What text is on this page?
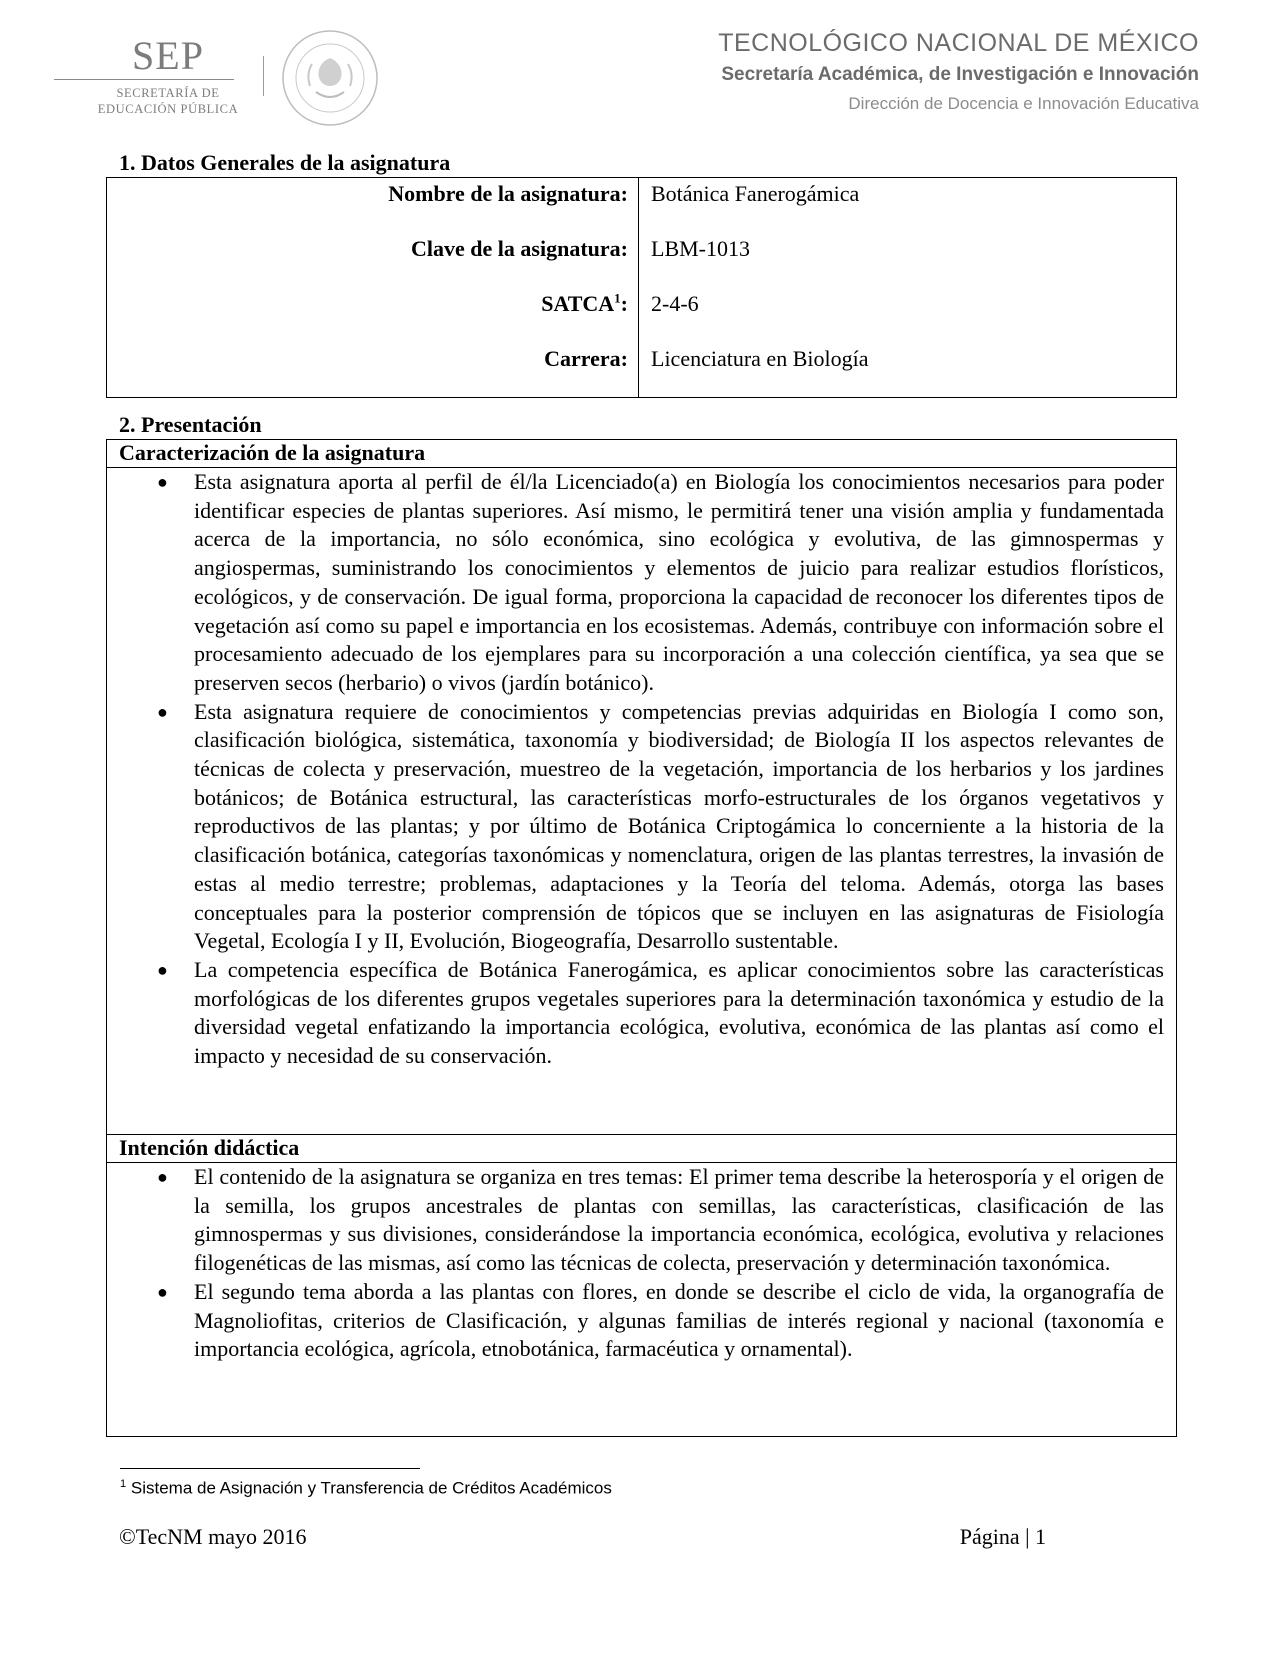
SEP
SECRETARÍA DE
EDUCACIÓN PÚBLICA
TECNOLÓGICO NACIONAL DE MÉXICO
Secretaría Académica, de Investigación e Innovación
Dirección de Docencia e Innovación Educativa
1. Datos Generales de la asignatura
Nombre de la asignatura:	Botánica Fanerogámica
Clave de la asignatura:	LBM-1013
SATCA$^1$:	2-4-6
Carrera:	Licenciatura en Biología
2. Presentación
Caracterización de la asignatura
● Esta asignatura aporta al perfil de él/la Licenciado(a) en Biología los conocimientos necesarios para poder identificar especies de plantas superiores. Así mismo, le permitirá tener una visión amplia y fundamentada acerca de la importancia, no sólo económica, sino ecológica y evolutiva, de las gimnospermas y angiospermas, suministrando los conocimientos y elementos de juicio para realizar estudios florísticos, ecológicos, y de conservación. De igual forma, proporciona la capacidad de reconocer los diferentes tipos de vegetación así como su papel e importancia en los ecosistemas. Además, contribuye con información sobre el procesamiento adecuado de los ejemplares para su incorporación a una colección científica, ya sea que se preserven secos (herbario) o vivos (jardín botánico).
● Esta asignatura requiere de conocimientos y competencias previas adquiridas en Biología I como son, clasificación biológica, sistemática, taxonomía y biodiversidad; de Biología II los aspectos relevantes de técnicas de colecta y preservación, muestreo de la vegetación, importancia de los herbarios y los jardines botánicos; de Botánica estructural, las características morfo-estructurales de los órganos vegetativos y reproductivos de las plantas; y por último de Botánica Criptogámica lo concerniente a la historia de la clasificación botánica, categorías taxonómicas y nomenclatura, origen de las plantas terrestres, la invasión de estas al medio terrestre; problemas, adaptaciones y la Teoría del teloma. Además, otorga las bases conceptuales para la posterior comprensión de tópicos que se incluyen en las asignaturas de Fisiología Vegetal, Ecología I y II, Evolución, Biogeografía, Desarrollo sustentable.
● La competencia específica de Botánica Fanerogámica, es aplicar conocimientos sobre las características morfológicas de los diferentes grupos vegetales superiores para la determinación taxonómica y estudio de la diversidad vegetal enfatizando la importancia ecológica, evolutiva, económica de las plantas así como el impacto y necesidad de su conservación.
Intención didáctica
● El contenido de la asignatura se organiza en tres temas: El primer tema describe la heterosporía y el origen de la semilla, los grupos ancestrales de plantas con semillas, las características, clasificación de las gimnospermas y sus divisiones, considerándose la importancia económica, ecológica, evolutiva y relaciones filogenéticas de las mismas, así como las técnicas de colecta, preservación y determinación taxonómica.
● El segundo tema aborda a las plantas con flores, en donde se describe el ciclo de vida, la organografía de Magnoliofitas, criterios de Clasificación, y algunas familias de interés regional y nacional (taxonomía e importancia ecológica, agrícola, etnobotánica, farmacéutica y ornamental).
$^1$ Sistema de Asignación y Transferencia de Créditos Académicos
©TecNM mayo 2016	Página | 1
